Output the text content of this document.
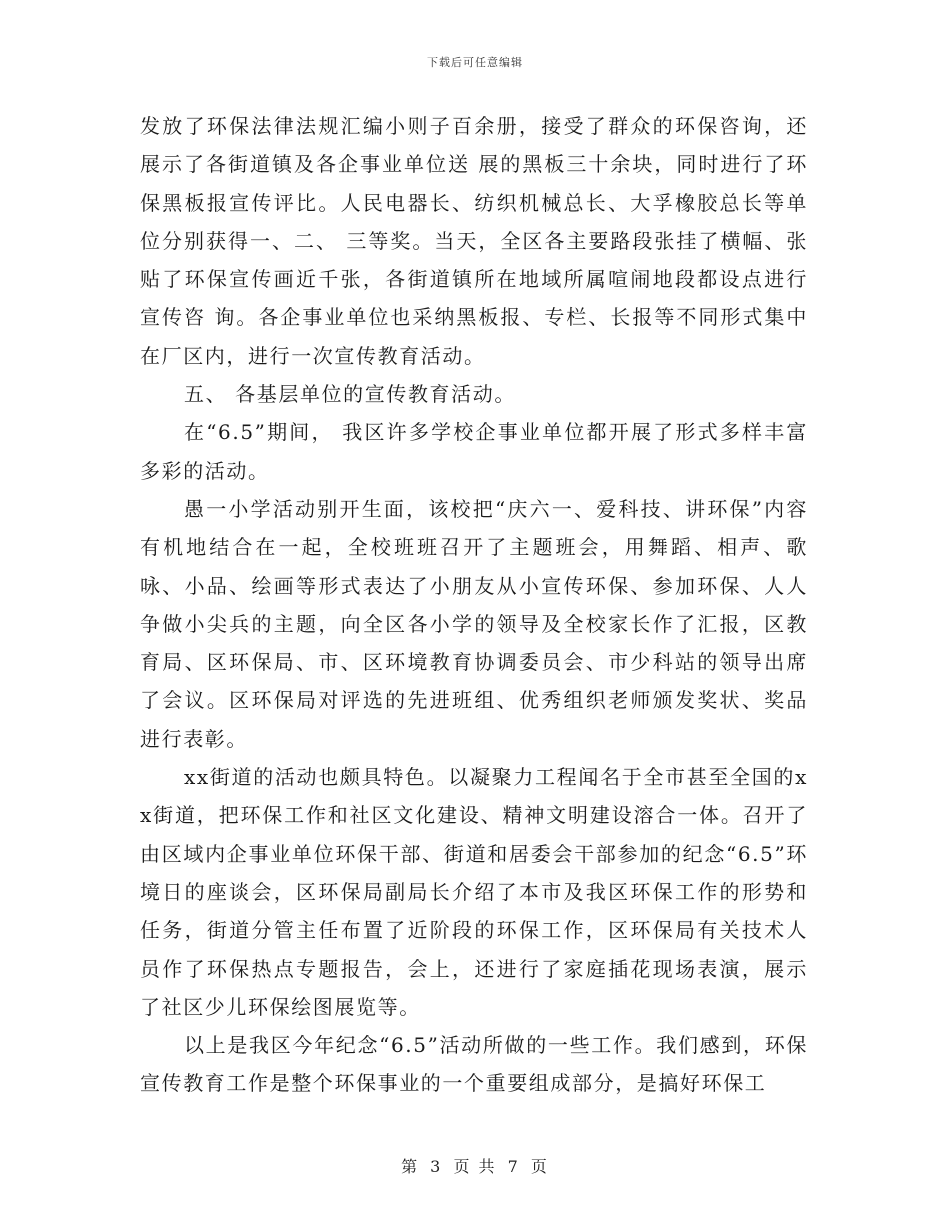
下载后可任意编辑

发放了环保法律法规汇编小则子百余册，接受了群众的环保咨询，还展示了各街道镇及各企事业单位送 展的黑板三十余块，同时进行了环保黑板报宣传评比。人民电器长、纺织机械总长、大孚橡胶总长等单位分别获得一、二、 三等奖。当天，全区各主要路段张挂了横幅、张贴了环保宣传画近千张，各街道镇所在地域所属喧闹地段都设点进行宣传咨 询。各企事业单位也采纳黑板报、专栏、长报等不同形式集中在厂区内，进行一次宣传教育活动。

五、 各基层单位的宣传教育活动。

在“6.5”期间， 我区许多学校企事业单位都开展了形式多样丰富多彩的活动。

愚一小学活动别开生面，该校把“庆六一、爱科技、讲环保”内容有机地结合在一起，全校班班召开了主题班会，用舞蹈、相声、歌咏、小品、绘画等形式表达了小朋友从小宣传环保、参加环保、人人争做小尖兵的主题，向全区各小学的领导及全校家长作了汇报，区教育局、区环保局、市、区环境教育协调委员会、市少科站的领导出席了会议。区环保局对评选的先进班组、优秀组织老师颁发奖状、奖品进行表彰。

xx街道的活动也颇具特色。以凝聚力工程闻名于全市甚至全国的xx街道，把环保工作和社区文化建设、精神文明建设溶合一体。召开了由区域内企事业单位环保干部、街道和居委会干部参加的纪念“6.5”环境日的座谈会，区环保局副局长介绍了本市及我区环保工作的形势和任务，街道分管主任布置了近阶段的环保工作，区环保局有关技术人员作了环保热点专题报告，会上，还进行了家庭插花现场表演，展示了社区少儿环保绘图展览等。

以上是我区今年纪念“6.5”活动所做的一些工作。我们感到，环保宣传教育工作是整个环保事业的一个重要组成部分，是搞好环保工

第 3 页 共 7 页
